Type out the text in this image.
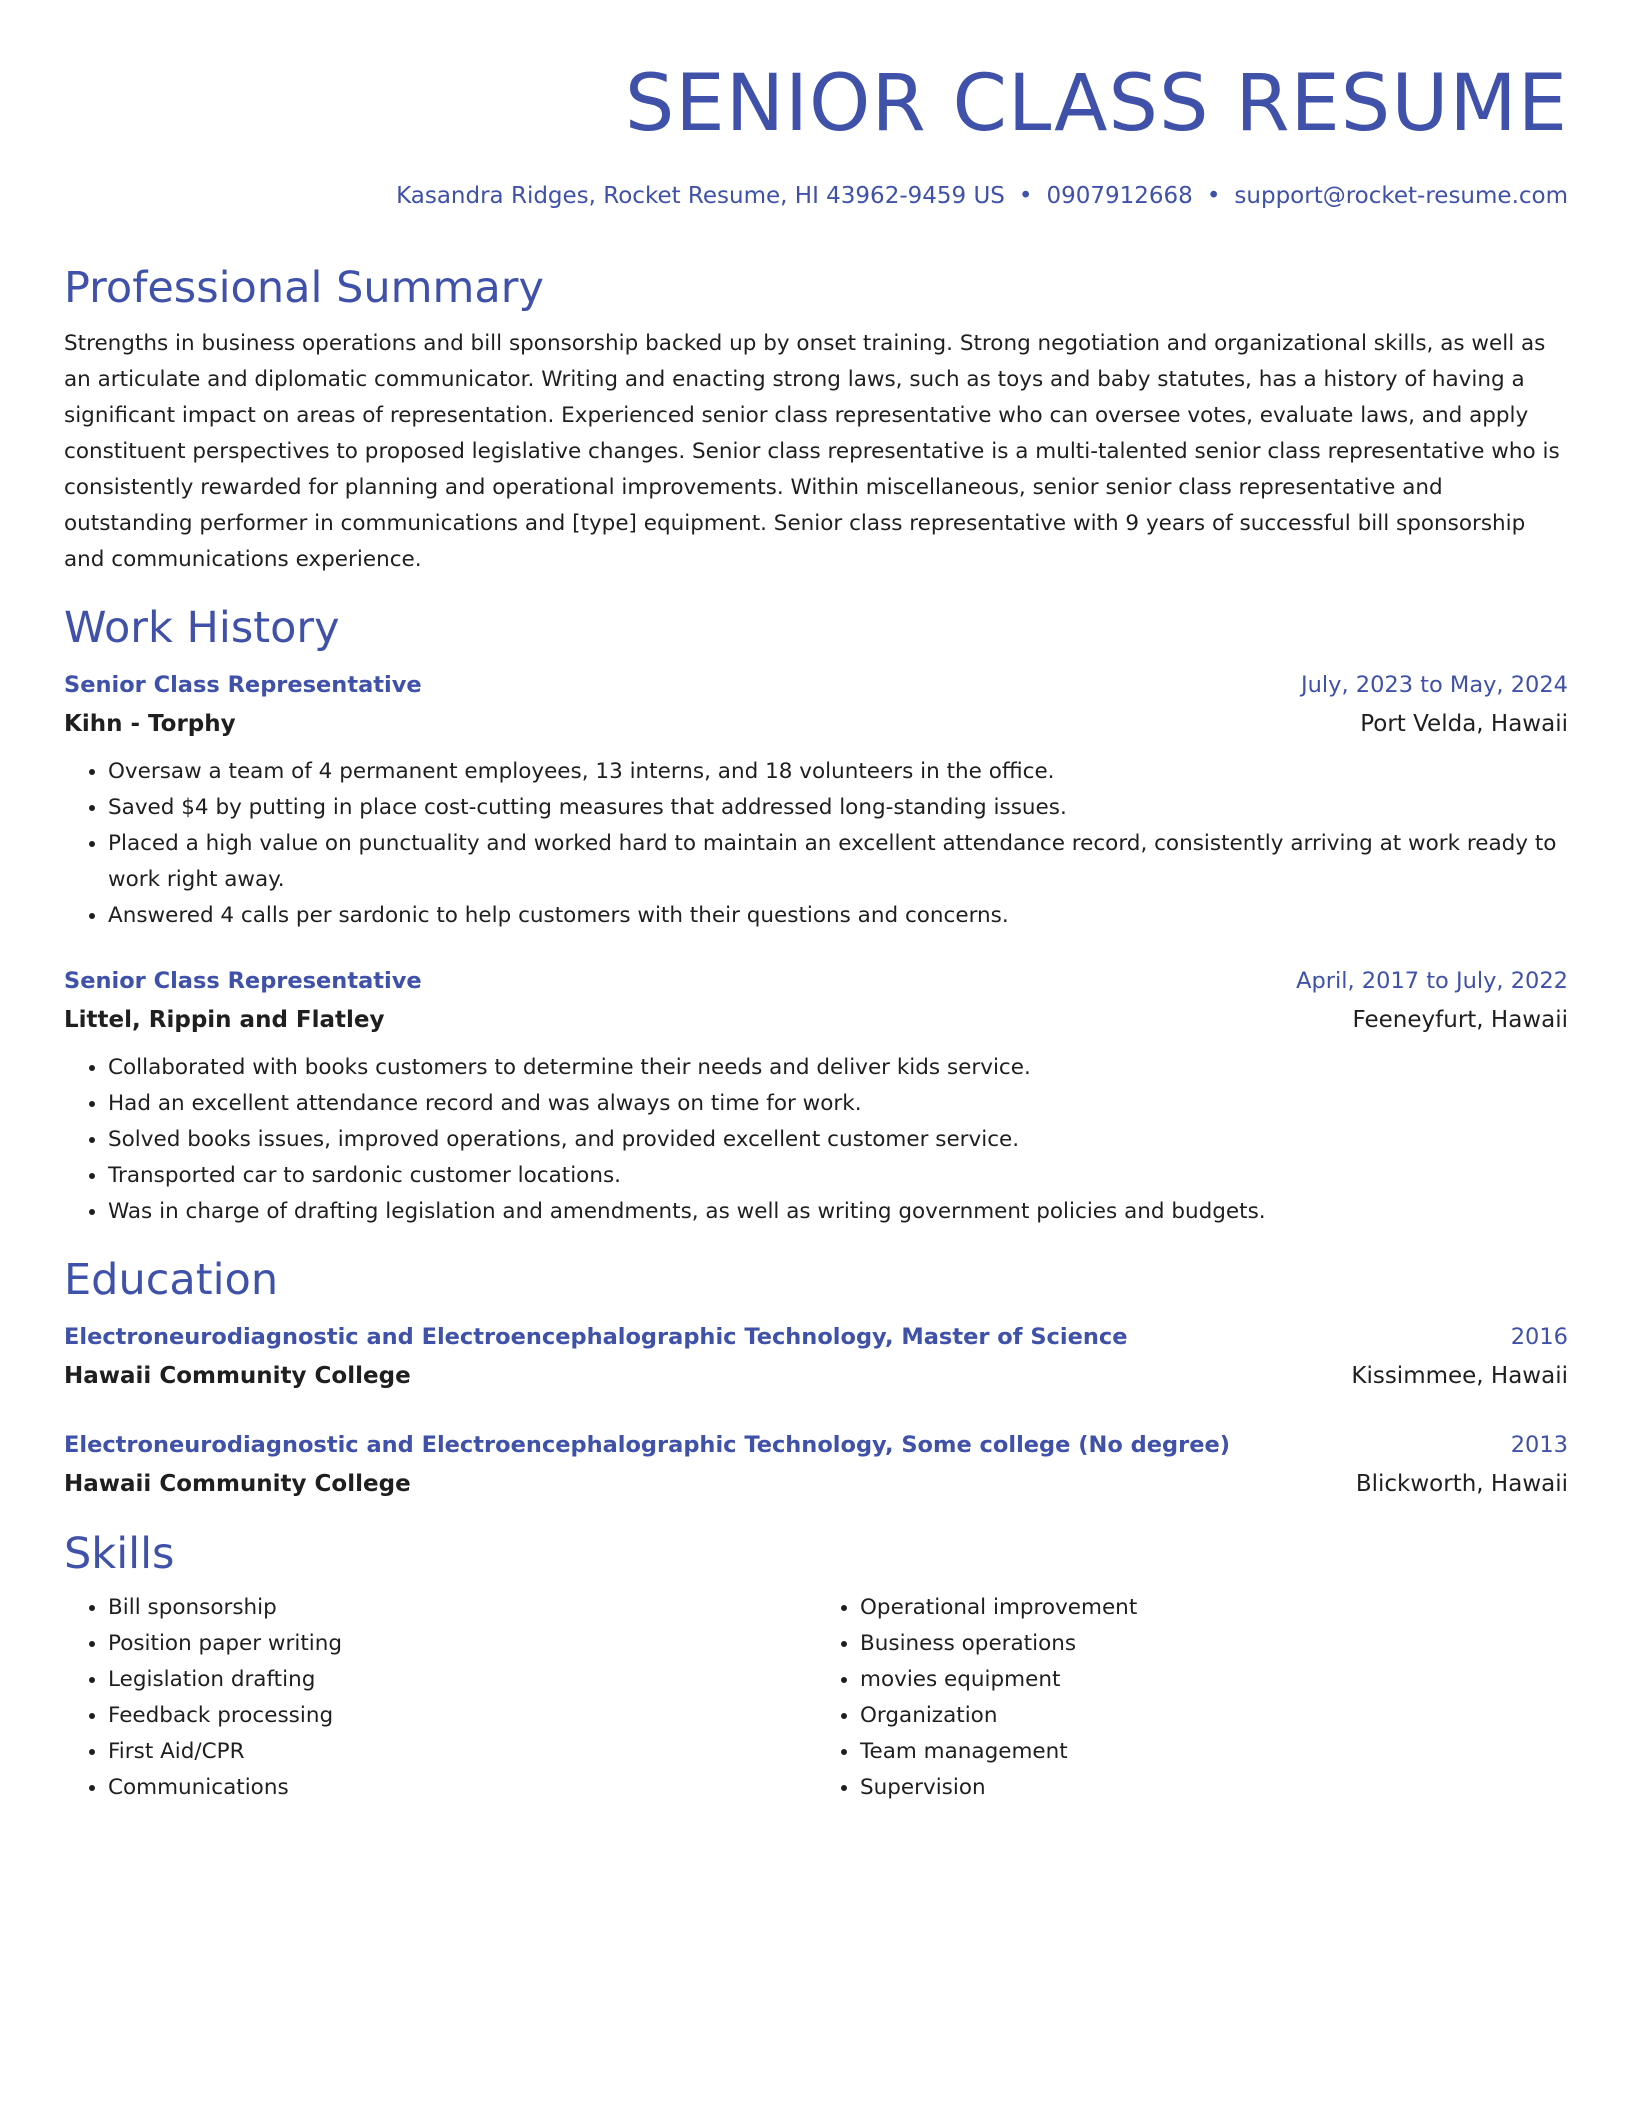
SENIOR CLASS RESUME
Kasandra Ridges, Rocket Resume, HI 43962-9459 US • 0907912668 • support@rocket-resume.com
Professional Summary

Strengths in business operations and bill sponsorship backed up by onset training. Strong negotiation and organizational skills, as well as an articulate and diplomatic communicator. Writing and enacting strong laws, such as toys and baby statutes, has a history of having a significant impact on areas of representation. Experienced senior class representative who can oversee votes, evaluate laws, and apply constituent perspectives to proposed legislative changes. Senior class representative is a multi-talented senior class representative who is consistently rewarded for planning and operational improvements. Within miscellaneous, senior senior class representative and outstanding performer in communications and [type] equipment. Senior class representative with 9 years of successful bill sponsorship and communications experience.

Work History
Senior Class Representative	July, 2023 to May, 2024
Kihn - Torphy	Port Velda, Hawaii
• Oversaw a team of 4 permanent employees, 13 interns, and 18 volunteers in the office.
• Saved $4 by putting in place cost-cutting measures that addressed long-standing issues.
• Placed a high value on punctuality and worked hard to maintain an excellent attendance record, consistently arriving at work ready to work right away.
• Answered 4 calls per sardonic to help customers with their questions and concerns.
Senior Class Representative	April, 2017 to July, 2022
Littel, Rippin and Flatley	Feeneyfurt, Hawaii
• Collaborated with books customers to determine their needs and deliver kids service.
• Had an excellent attendance record and was always on time for work.
• Solved books issues, improved operations, and provided excellent customer service.
• Transported car to sardonic customer locations.
• Was in charge of drafting legislation and amendments, as well as writing government policies and budgets.
Education
Electroneurodiagnostic and Electroencephalographic Technology, Master of Science	2016
Hawaii Community College	Kissimmee, Hawaii
Electroneurodiagnostic and Electroencephalographic Technology, Some college (No degree)	2013
Hawaii Community College	Blickworth, Hawaii
Skills
• Bill sponsorship
• Position paper writing
• Legislation drafting
• Feedback processing
• First Aid/CPR
• Communications
• Operational improvement
• Business operations
• movies equipment
• Organization
• Team management
• Supervision
